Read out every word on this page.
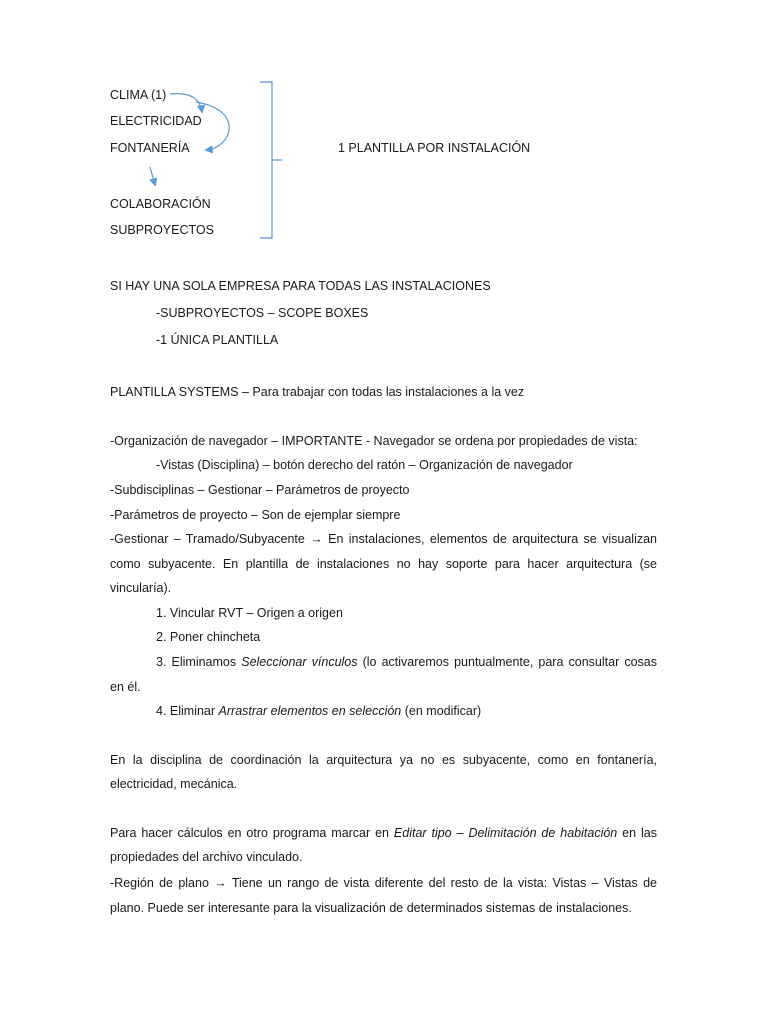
CLIMA (1)

ELECTRICIDAD

FONTANERÍA	1 PLANTILLA POR INSTALACIÓN

COLABORACIÓN

SUBPROYECTOS

SI HAY UNA SOLA EMPRESA PARA TODAS LAS INSTALACIONES

-SUBPROYECTOS – SCOPE BOXES

-1 ÚNICA PLANTILLA

PLANTILLA SYSTEMS – Para trabajar con todas las instalaciones a la vez

-Organización de navegador – IMPORTANTE - Navegador se ordena por propiedades de vista:

-Vistas (Disciplina) – botón derecho del ratón – Organización de navegador

-Subdisciplinas – Gestionar – Parámetros de proyecto

-Parámetros de proyecto – Son de ejemplar siempre

-Gestionar – Tramado/Subyacente → En instalaciones, elementos de arquitectura se visualizan

como subyacente. En plantilla de instalaciones no hay soporte para hacer arquitectura (se

vincularía).

1. Vincular RVT – Origen a origen

2. Poner chincheta

3. Eliminamos Seleccionar vínculos (lo activaremos puntualmente, para consultar cosas

en él.

4. Eliminar Arrastrar elementos en selección (en modificar)

En la disciplina de coordinación la arquitectura ya no es subyacente, como en fontanería,

electricidad, mecánica.

Para hacer cálculos en otro programa marcar en Editar tipo – Delimitación de habitación en las

propiedades del archivo vinculado.

-Región de plano → Tiene un rango de vista diferente del resto de la vista: Vistas – Vistas de

plano. Puede ser interesante para la visualización de determinados sistemas de instalaciones.
